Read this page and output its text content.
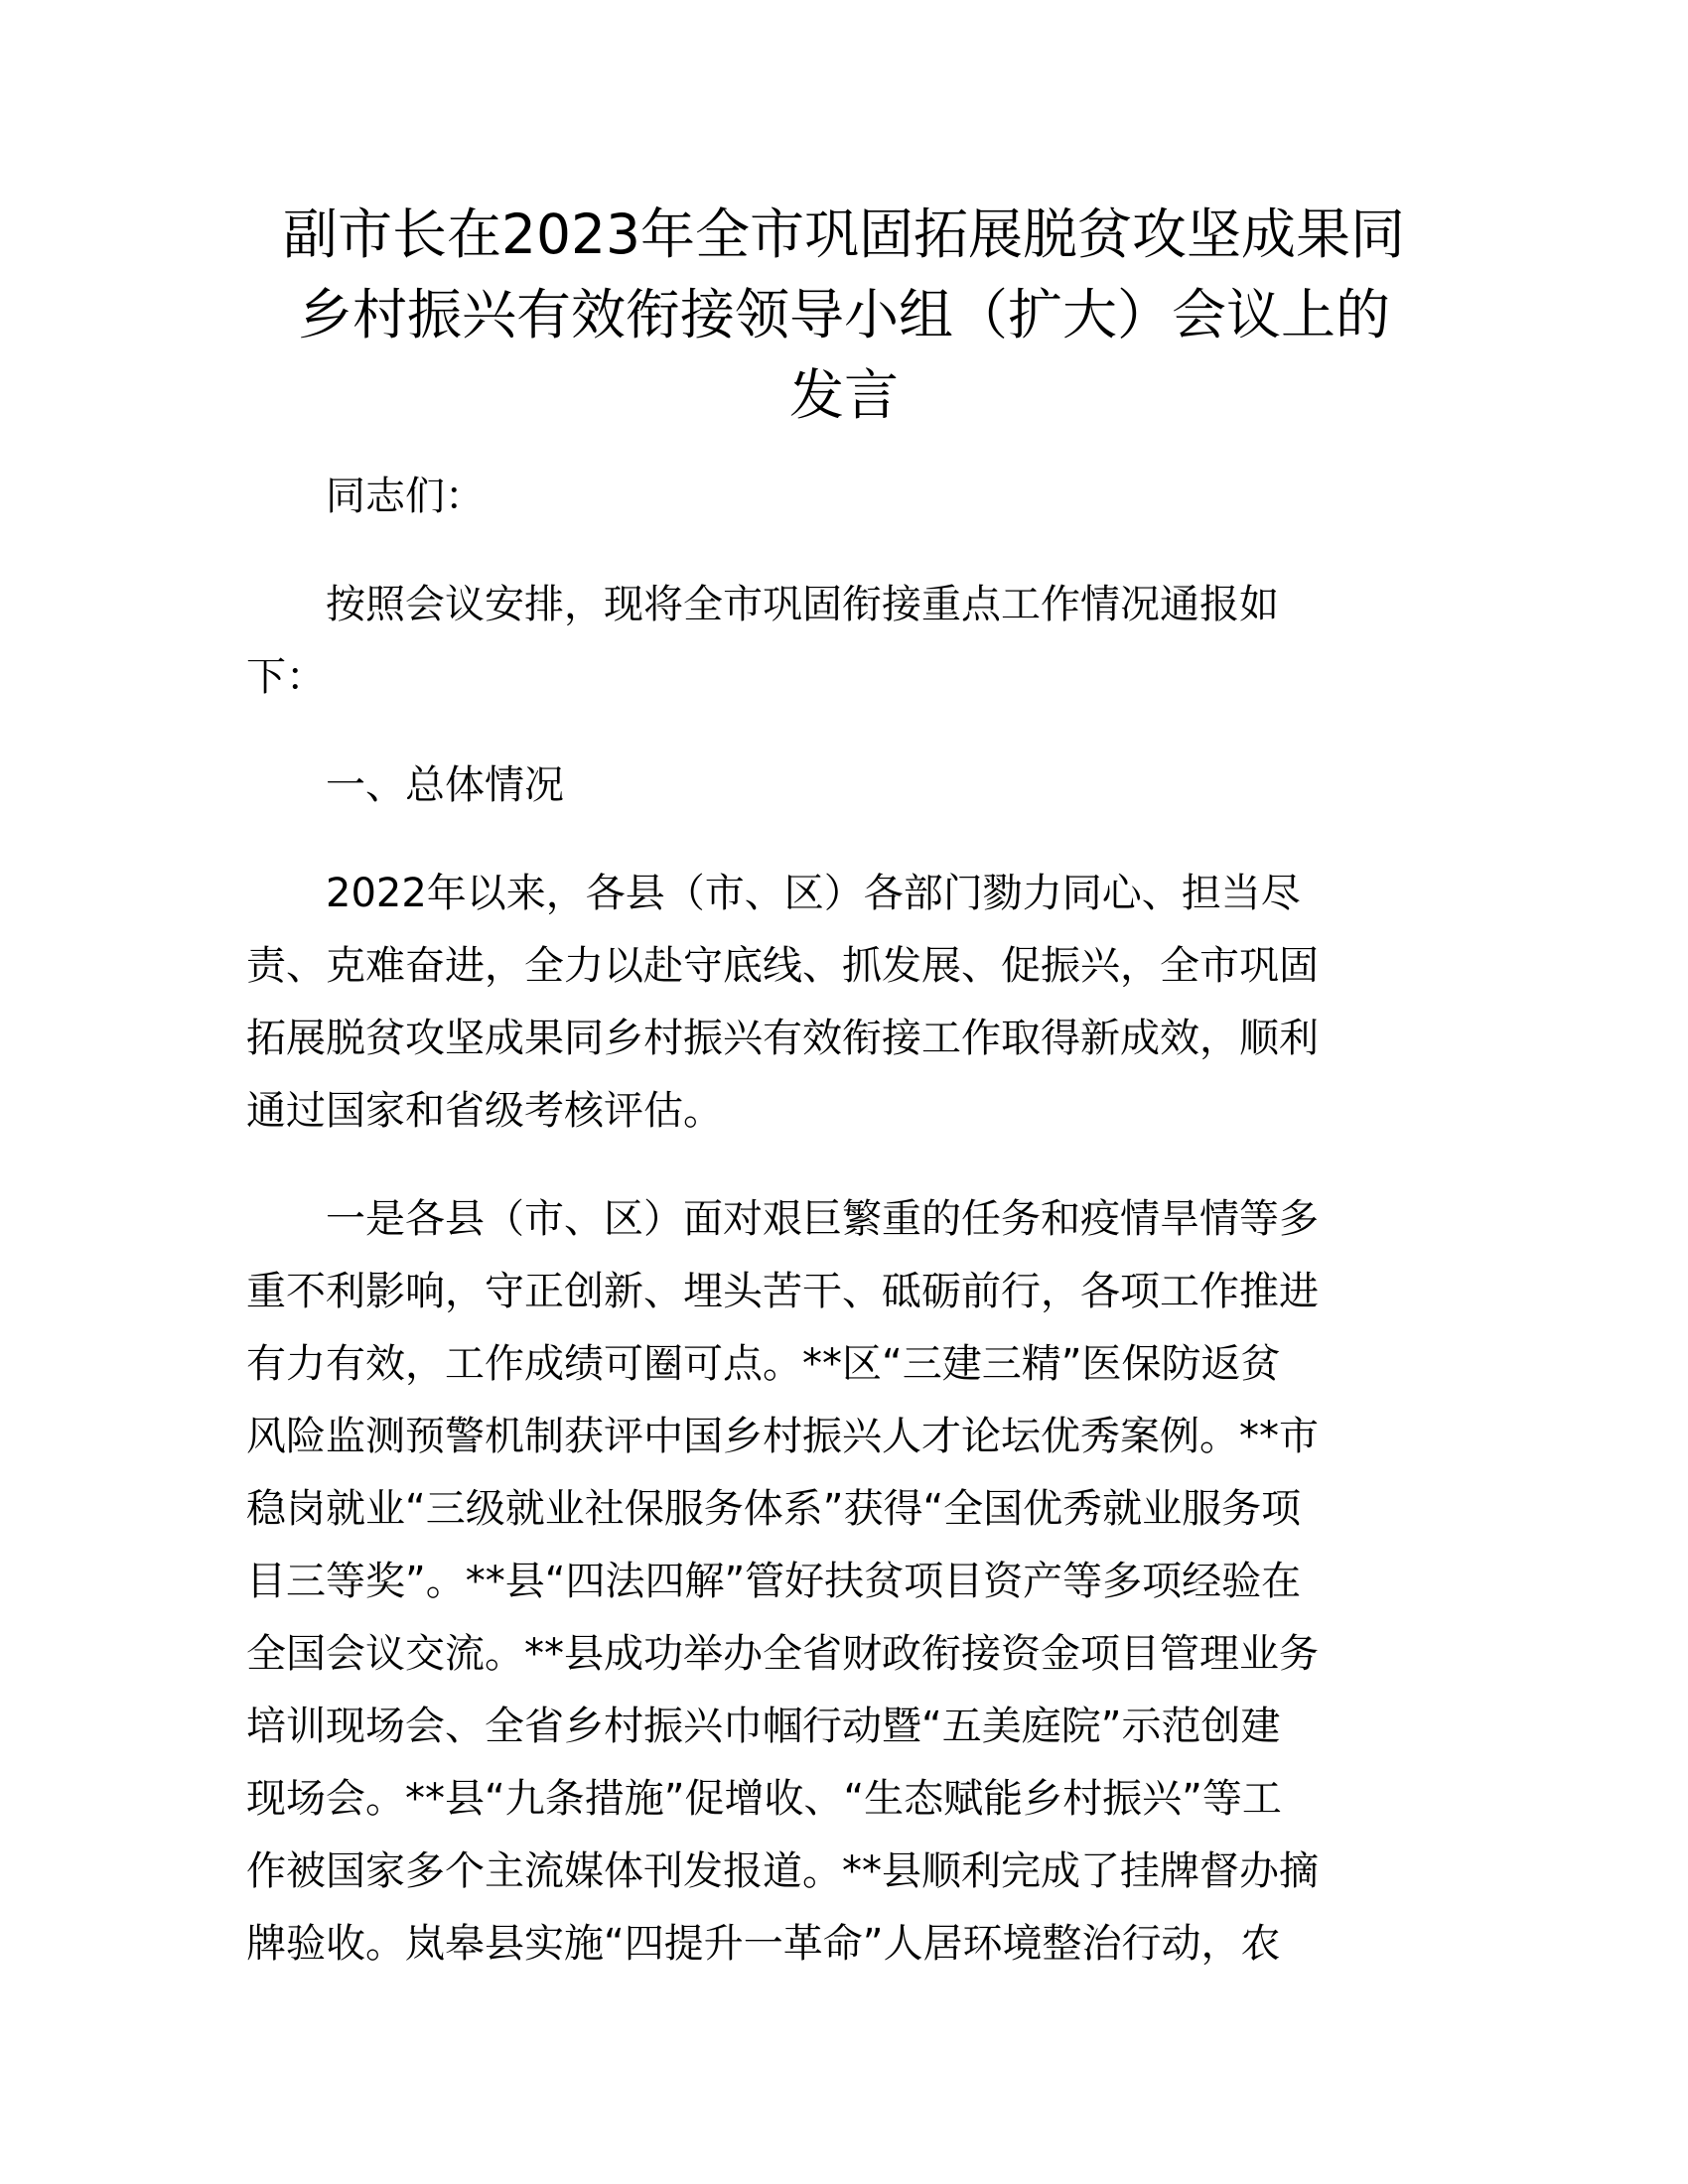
副市长在2023年全市巩固拓展脱贫攻坚成果同
乡村振兴有效衔接领导小组（扩大）会议上的
发言

同志们：

按照会议安排，现将全市巩固衔接重点工作情况通报如
下：

一、总体情况

2022年以来，各县（市、区）各部门勠力同心、担当尽
责、克难奋进，全力以赴守底线、抓发展、促振兴，全市巩固
拓展脱贫攻坚成果同乡村振兴有效衔接工作取得新成效，顺利
通过国家和省级考核评估。

一是各县（市、区）面对艰巨繁重的任务和疫情旱情等多
重不利影响，守正创新、埋头苦干、砥砺前行，各项工作推进
有力有效，工作成绩可圈可点。**区“三建三精”医保防返贫
风险监测预警机制获评中国乡村振兴人才论坛优秀案例。**市
稳岗就业“三级就业社保服务体系”获得“全国优秀就业服务项
目三等奖”。**县“四法四解”管好扶贫项目资产等多项经验在
全国会议交流。**县成功举办全省财政衔接资金项目管理业务
培训现场会、全省乡村振兴巾帼行动暨“五美庭院”示范创建
现场会。**县“九条措施”促增收、“生态赋能乡村振兴”等工
作被国家多个主流媒体刊发报道。**县顺利完成了挂牌督办摘
牌验收。岚皋县实施“四提升一革命”人居环境整治行动，农
